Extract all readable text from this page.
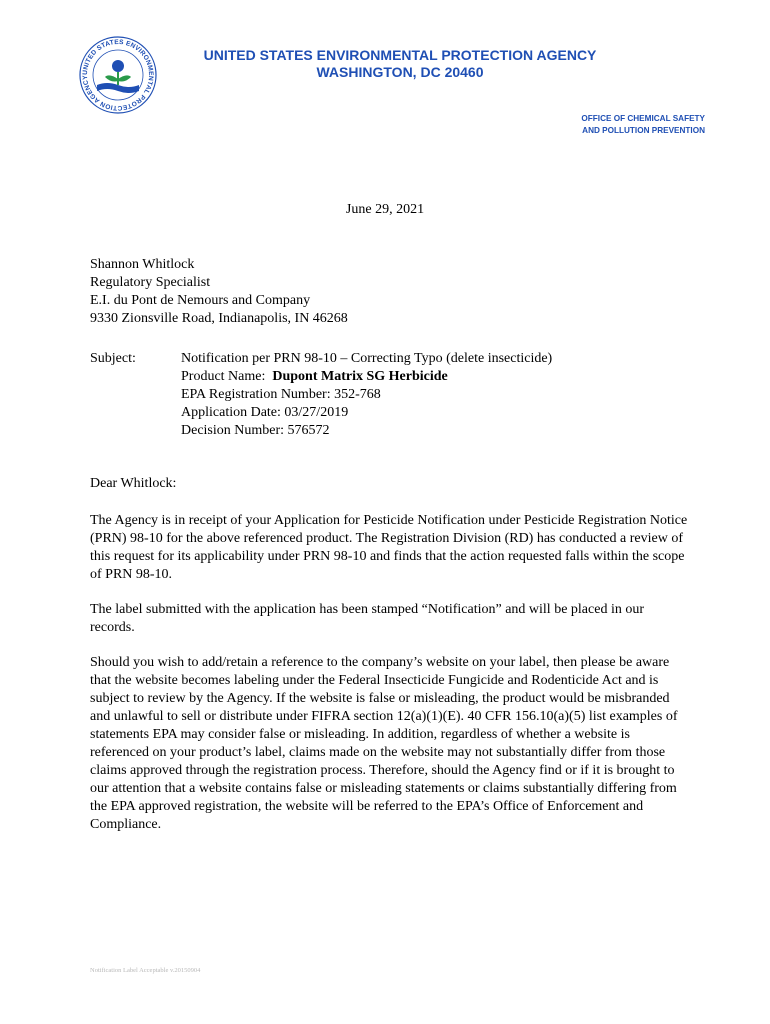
UNITED STATES ENVIRONMENTAL PROTECTION AGENCY
UNITED STATES ENVIRONMENTAL PROTECTION AGENCY
WASHINGTON, DC 20460
OFFICE OF CHEMICAL SAFETY
AND POLLUTION PREVENTION
June 29, 2021
Shannon Whitlock
Regulatory Specialist
E.I. du Pont de Nemours and Company
9330 Zionsville Road, Indianapolis, IN 46268
Subject:	Notification per PRN 98-10 – Correcting Typo (delete insecticide)
Product Name:  Dupont Matrix SG Herbicide
EPA Registration Number: 352-768
Application Date: 03/27/2019
Decision Number: 576572
Dear Whitlock:
The Agency is in receipt of your Application for Pesticide Notification under Pesticide Registration Notice (PRN) 98-10 for the above referenced product. The Registration Division (RD) has conducted a review of this request for its applicability under PRN 98-10 and finds that the action requested falls within the scope of PRN 98-10.
The label submitted with the application has been stamped “Notification” and will be placed in our records.
Should you wish to add/retain a reference to the company’s website on your label, then please be aware that the website becomes labeling under the Federal Insecticide Fungicide and Rodenticide Act and is subject to review by the Agency. If the website is false or misleading, the product would be misbranded and unlawful to sell or distribute under FIFRA section 12(a)(1)(E). 40 CFR 156.10(a)(5) list examples of statements EPA may consider false or misleading. In addition, regardless of whether a website is referenced on your product’s label, claims made on the website may not substantially differ from those claims approved through the registration process. Therefore, should the Agency find or if it is brought to our attention that a website contains false or misleading statements or claims substantially differing from the EPA approved registration, the website will be referred to the EPA’s Office of Enforcement and Compliance.
Notification Label Acceptable v.20150904
